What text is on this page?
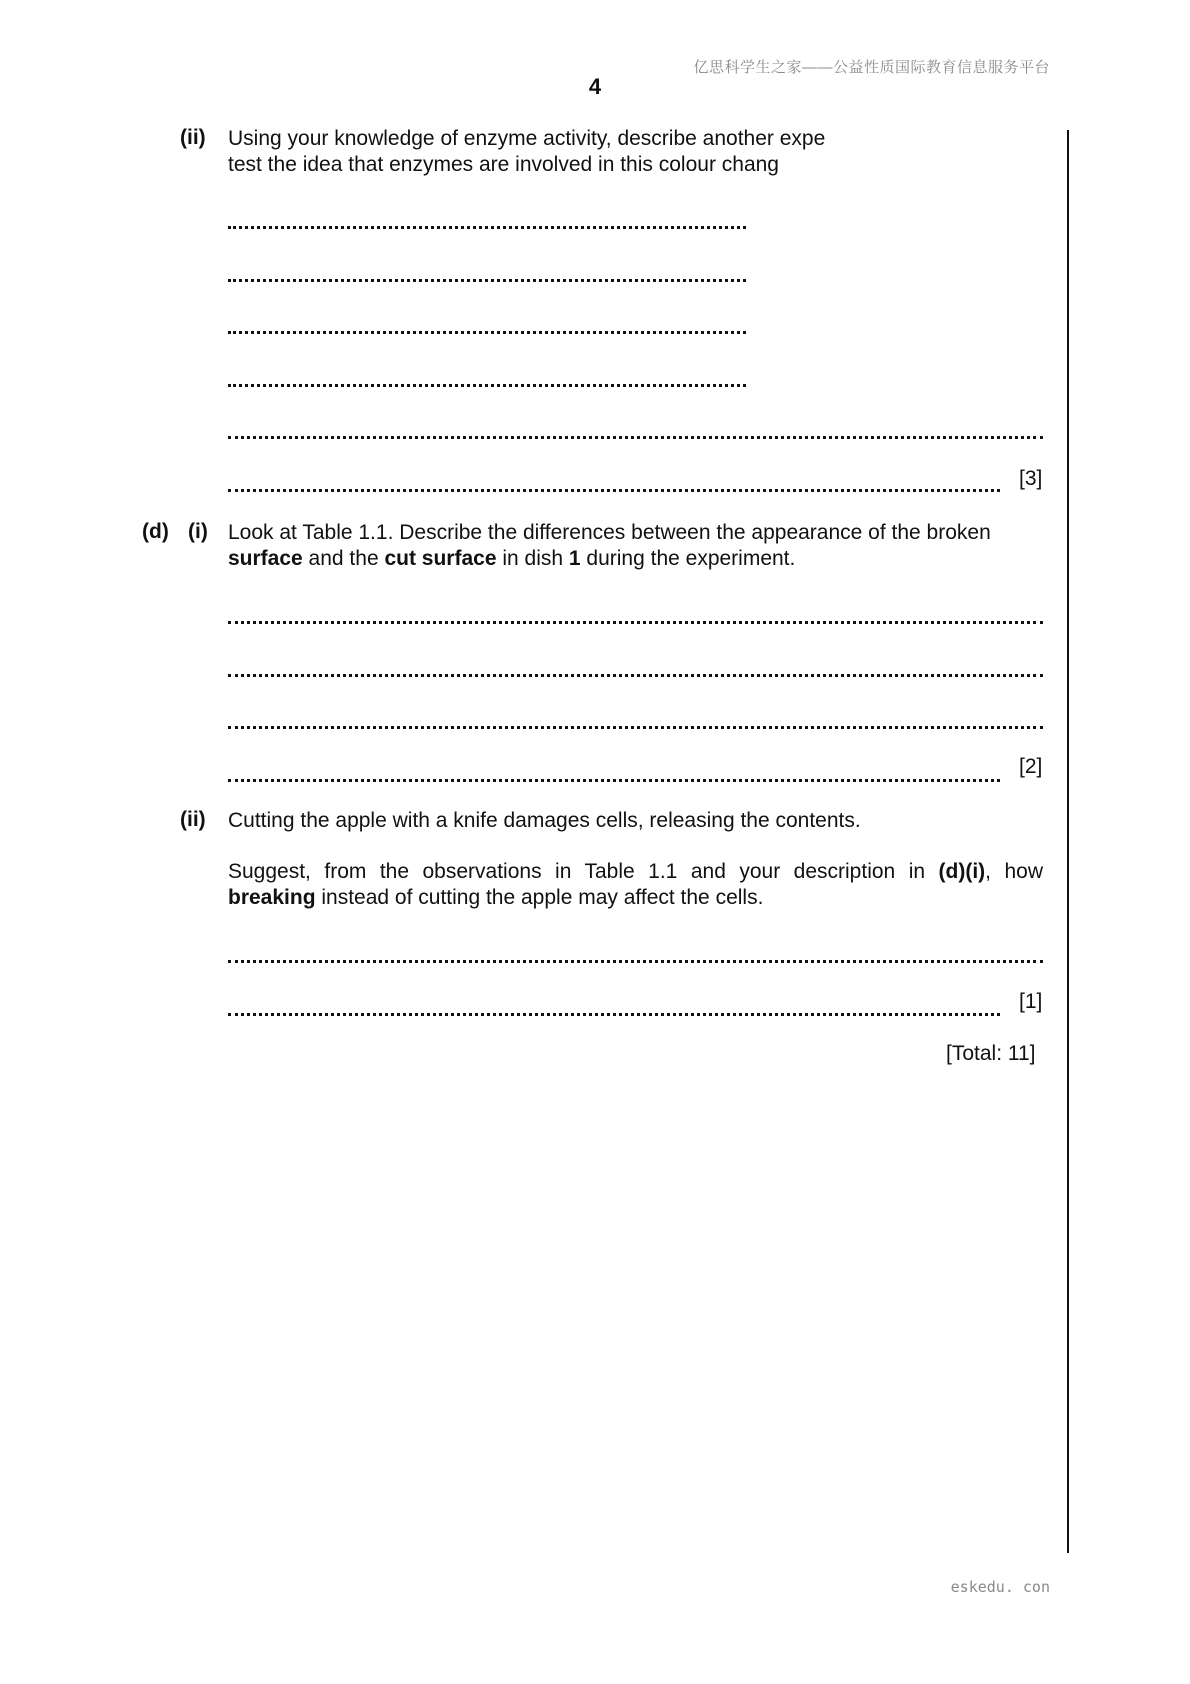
亿思科学生之家——公益性质国际教育信息服务平台
4
(ii) Using your knowledge of enzyme activity, describe another expe
test the idea that enzymes are involved in this colour chang
[3]
(d) (i) Look at Table 1.1. Describe the differences between the appearance of the broken
surface and the cut surface in dish 1 during the experiment.
[2]
(ii) Cutting the apple with a knife damages cells, releasing the contents.
Suggest, from the observations in Table 1.1 and your description in (d)(i), how
breaking instead of cutting the apple may affect the cells.
[1]
[Total: 11]
eskedu. con
